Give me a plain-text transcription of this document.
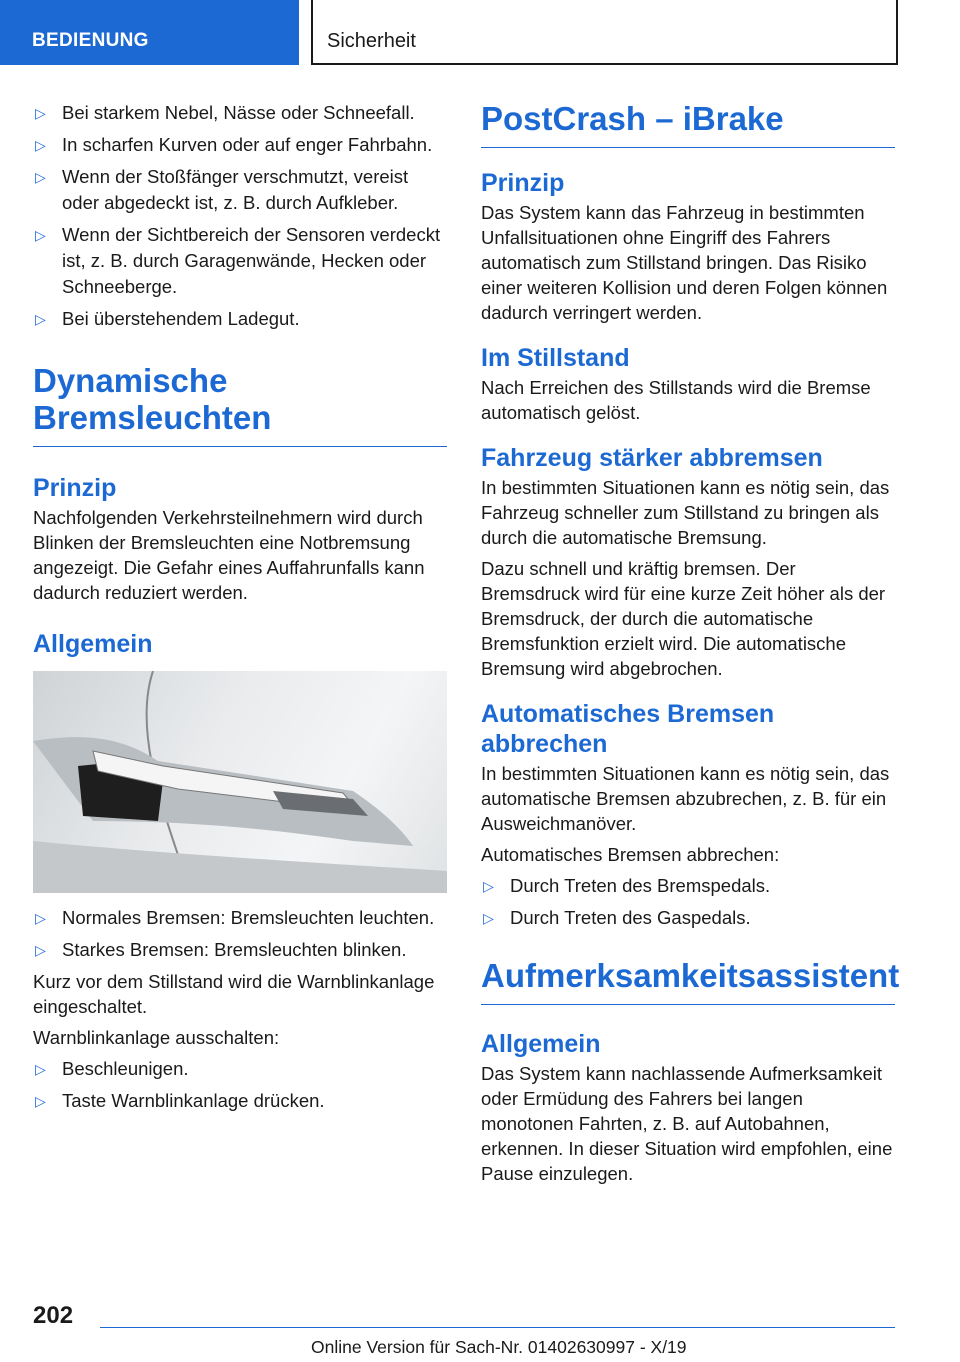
BEDIENUNG	Sicherheit
▷ Bei starkem Nebel, Nässe oder Schneefall.
▷ In scharfen Kurven oder auf enger Fahrbahn.
▷ Wenn der Stoßfänger verschmutzt, vereist oder abgedeckt ist, z. B. durch Aufkleber.
▷ Wenn der Sichtbereich der Sensoren verdeckt ist, z. B. durch Garagenwände, Hecken oder Schneeberge.
▷ Bei überstehendem Ladegut.
Dynamische
Bremsleuchten
Prinzip

Nachfolgenden Verkehrsteilnehmern wird durch Blinken der Bremsleuchten eine Notbremsung angezeigt. Die Gefahr eines Auffahrunfalls kann dadurch reduziert werden.

Allgemein
▷ Normales Bremsen: Bremsleuchten leuchten.
▷ Starkes Bremsen: Bremsleuchten blinken.

Kurz vor dem Stillstand wird die Warnblinkanlage eingeschaltet.

Warnblinkanlage ausschalten:

▷ Beschleunigen.
▷ Taste Warnblinkanlage drücken.
PostCrash – iBrake
Prinzip

Das System kann das Fahrzeug in bestimmten Unfallsituationen ohne Eingriff des Fahrers automatisch zum Stillstand bringen. Das Risiko einer weiteren Kollision und deren Folgen können dadurch verringert werden.

Im Stillstand

Nach Erreichen des Stillstands wird die Bremse automatisch gelöst.

Fahrzeug stärker abbremsen

In bestimmten Situationen kann es nötig sein, das Fahrzeug schneller zum Stillstand zu bringen als durch die automatische Bremsung.

Dazu schnell und kräftig bremsen. Der Bremsdruck wird für eine kurze Zeit höher als der Bremsdruck, der durch die automatische Bremsfunktion erzielt wird. Die automatische Bremsung wird abgebrochen.

Automatisches Bremsen abbrechen

In bestimmten Situationen kann es nötig sein, das automatische Bremsen abzubrechen, z. B. für ein Ausweichmanöver.

Automatisches Bremsen abbrechen:

▷ Durch Treten des Bremspedals.
▷ Durch Treten des Gaspedals.
Aufmerksamkeitsassistent
Allgemein

Das System kann nachlassende Aufmerksamkeit oder Ermüdung des Fahrers bei langen monotonen Fahrten, z. B. auf Autobahnen, erkennen. In dieser Situation wird empfohlen, eine Pause einzulegen.

202
Online Version für Sach-Nr. 01402630997 - X/19
